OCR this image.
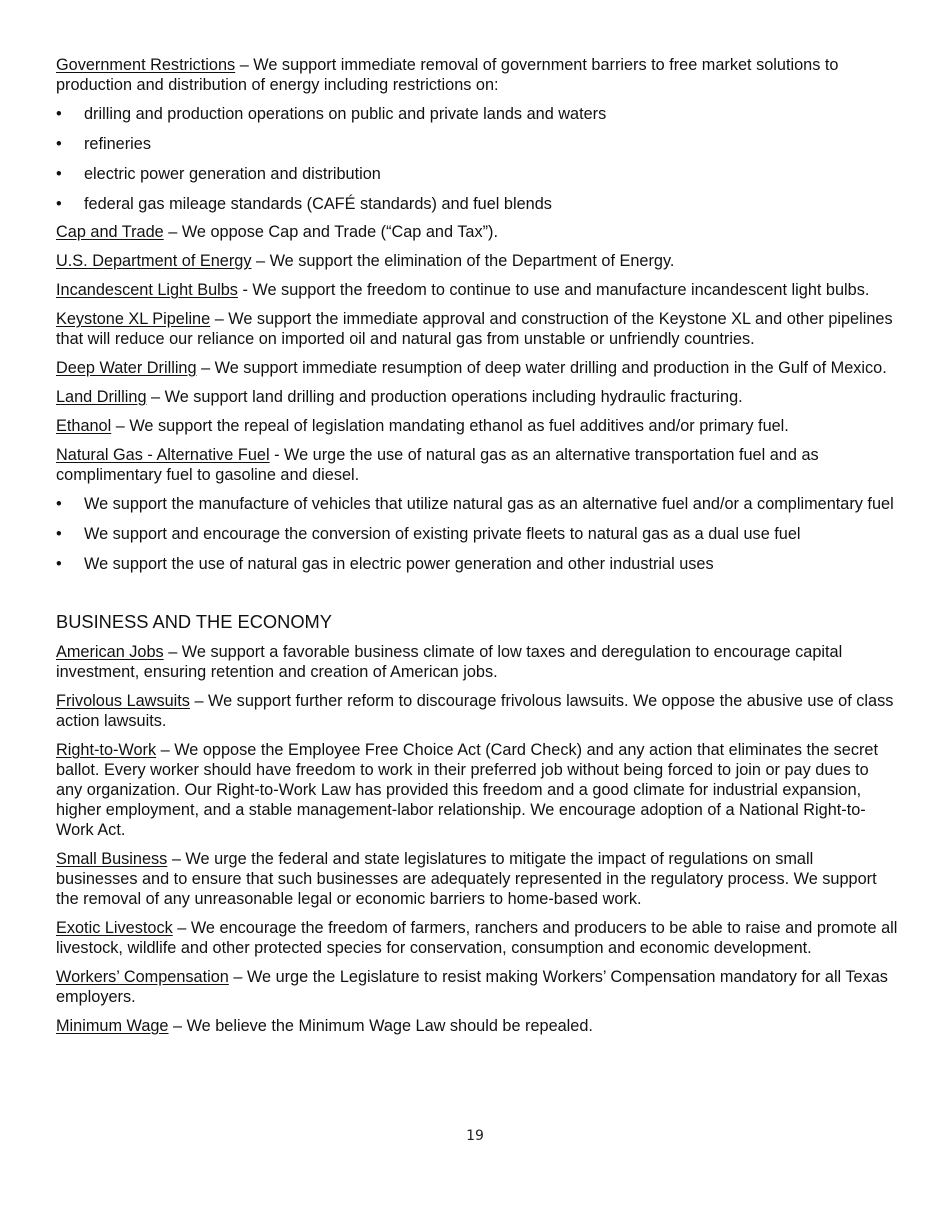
Government Restrictions – We support immediate removal of government barriers to free market solutions to production and distribution of energy including restrictions on:

• drilling and production operations on public and private lands and waters
• refineries
• electric power generation and distribution
• federal gas mileage standards (CAFÉ standards) and fuel blends

Cap and Trade – We oppose Cap and Trade (“Cap and Tax”).

U.S. Department of Energy – We support the elimination of the Department of Energy.

Incandescent Light Bulbs - We support the freedom to continue to use and manufacture incandescent light bulbs.

Keystone XL Pipeline – We support the immediate approval and construction of the Keystone XL and other pipelines that will reduce our reliance on imported oil and natural gas from unstable or unfriendly countries.

Deep Water Drilling – We support immediate resumption of deep water drilling and production in the Gulf of Mexico.

Land Drilling – We support land drilling and production operations including hydraulic fracturing.

Ethanol – We support the repeal of legislation mandating ethanol as fuel additives and/or primary fuel.

Natural Gas - Alternative Fuel - We urge the use of natural gas as an alternative transportation fuel and as complimentary fuel to gasoline and diesel.

• We support the manufacture of vehicles that utilize natural gas as an alternative fuel and/or a complimentary fuel
• We support and encourage the conversion of existing private fleets to natural gas as a dual use fuel
• We support the use of natural gas in electric power generation and other industrial uses
BUSINESS AND THE ECONOMY

American Jobs – We support a favorable business climate of low taxes and deregulation to encourage capital investment, ensuring retention and creation of American jobs.

Frivolous Lawsuits – We support further reform to discourage frivolous lawsuits. We oppose the abusive use of class action lawsuits.

Right-to-Work – We oppose the Employee Free Choice Act (Card Check) and any action that eliminates the secret ballot. Every worker should have freedom to work in their preferred job without being forced to join or pay dues to any organization. Our Right-to-Work Law has provided this freedom and a good climate for industrial expansion, higher employment, and a stable management-labor relationship. We encourage adoption of a National Right-to-Work Act.

Small Business – We urge the federal and state legislatures to mitigate the impact of regulations on small businesses and to ensure that such businesses are adequately represented in the regulatory process. We support the removal of any unreasonable legal or economic barriers to home-based work.

Exotic Livestock – We encourage the freedom of farmers, ranchers and producers to be able to raise and promote all livestock, wildlife and other protected species for conservation, consumption and economic development.

Workers’ Compensation – We urge the Legislature to resist making Workers’ Compensation mandatory for all Texas employers.

Minimum Wage – We believe the Minimum Wage Law should be repealed.

19
